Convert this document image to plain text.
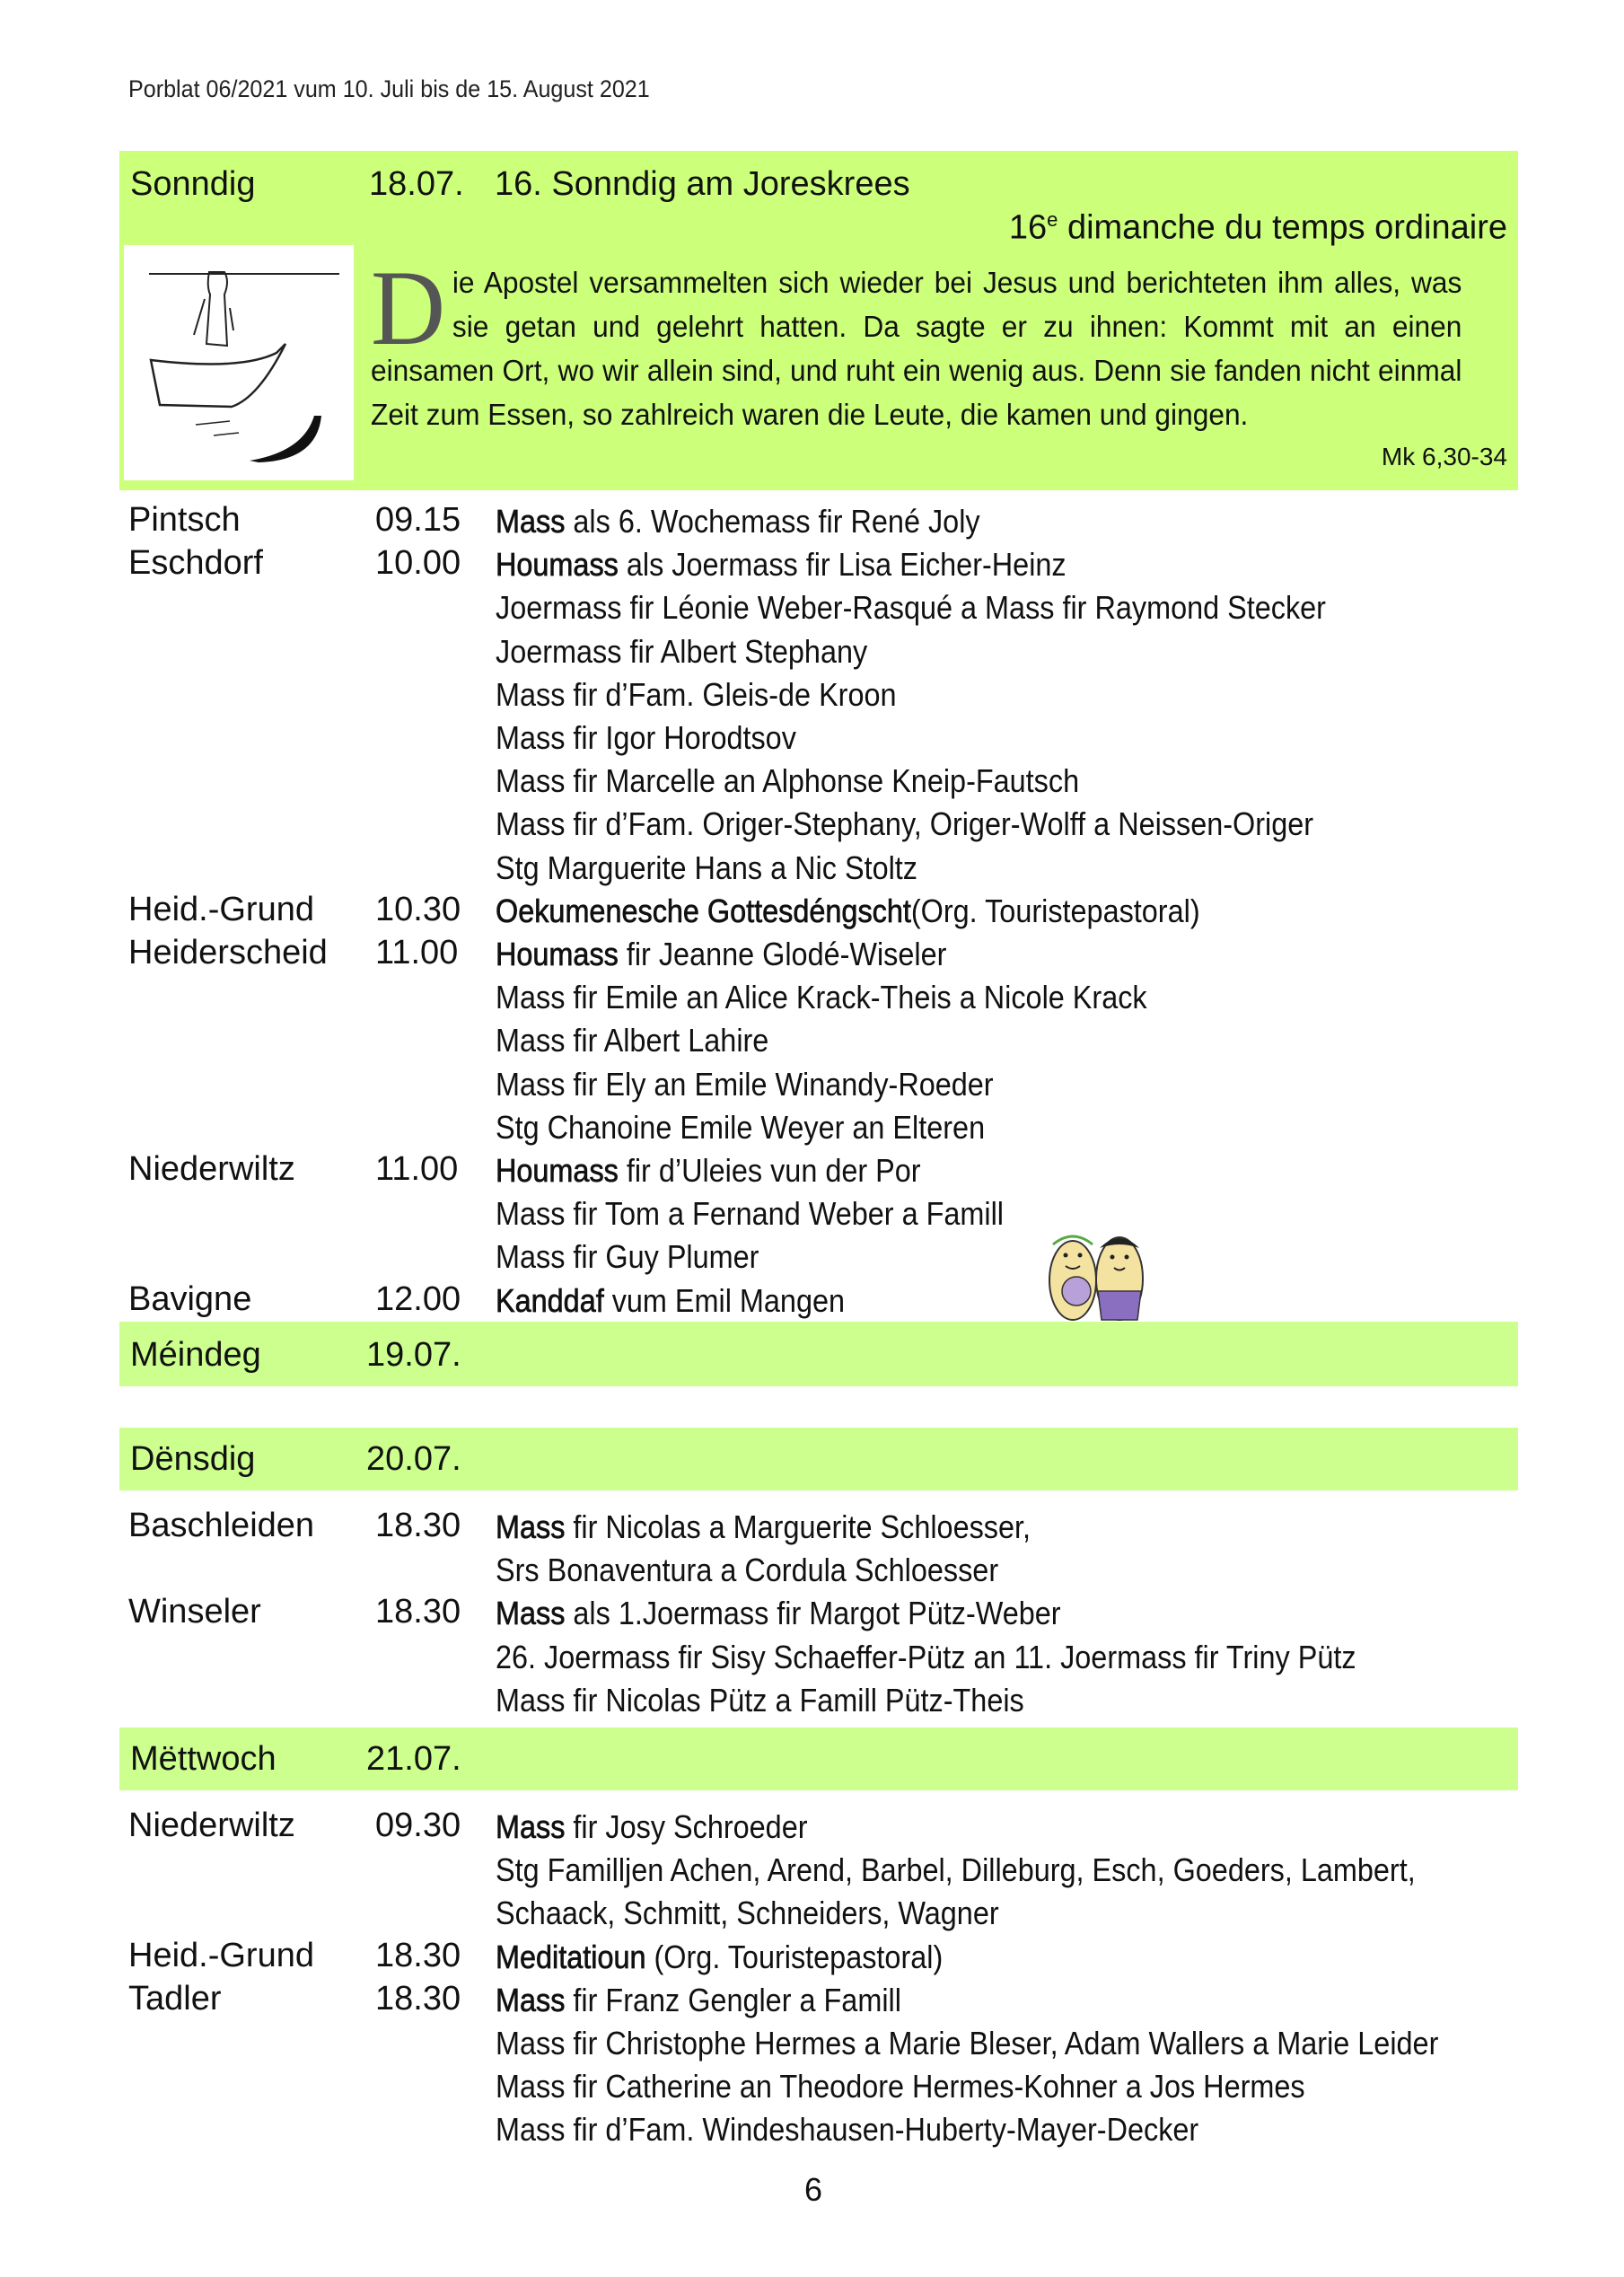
Porblat 06/2021 vum 10. Juli bis de 15. August 2021
Sonndig	18.07. 16. Sonndig am Joreskrees
16e dimanche du temps ordinaire
Die Apostel versammelten sich wieder bei Jesus und berichteten ihm alles, was sie getan und gelehrt hatten. Da sagte er zu ihnen: Kommt mit an einen einsamen Ort, wo wir allein sind, und ruht ein wenig aus. Denn sie fanden nicht einmal Zeit zum Essen, so zahlreich waren die Leute, die kamen und gingen.
Mk 6,30-34
Pintsch	09.15 Mass als 6. Wochemass fir René Joly
Eschdorf	10.00 Houmass als Joermass fir Lisa Eicher-Heinz
Joermass fir Léonie Weber-Rasqué a Mass fir Raymond Stecker
Joermass fir Albert Stephany
Mass fir d’Fam. Gleis-de Kroon
Mass fir Igor Horodtsov
Mass fir Marcelle an Alphonse Kneip-Fautsch
Mass fir d’Fam. Origer-Stephany, Origer-Wolff a Neissen-Origer
Stg Marguerite Hans a Nic Stoltz
Heid.-Grund 10.30 Oekumenesche Gottesdéngscht(Org. Touristepastoral)
Heiderscheid 11.00 Houmass fir Jeanne Glodé-Wiseler
Mass fir Emile an Alice Krack-Theis a Nicole Krack
Mass fir Albert Lahire
Mass fir Ely an Emile Winandy-Roeder
Stg Chanoine Emile Weyer an Elteren
Niederwiltz 11.00 Houmass fir d’Uleies vun der Por
Mass fir Tom a Fernand Weber a Famill
Mass fir Guy Plumer
Bavigne	12.00 Kanddaf vum Emil Mangen
Méindeg	19.07.
Dënsdig	20.07.
Baschleiden 18.30 Mass fir Nicolas a Marguerite Schloesser,
Srs Bonaventura a Cordula Schloesser
Winseler	18.30 Mass als 1.Joermass fir Margot Pütz-Weber
26. Joermass fir Sisy Schaeffer-Pütz an 11. Joermass fir Triny Pütz
Mass fir Nicolas Pütz a Famill Pütz-Theis
Mëttwoch	21.07.
Niederwiltz 09.30 Mass fir Josy Schroeder
Stg Familljen Achen, Arend, Barbel, Dilleburg, Esch, Goeders, Lambert,
Schaack, Schmitt, Schneiders, Wagner
Heid.-Grund 18.30 Meditatioun (Org. Touristepastoral)
Tadler	18.30 Mass fir Franz Gengler a Famill
Mass fir Christophe Hermes a Marie Bleser, Adam Wallers a Marie Leider
Mass fir Catherine an Theodore Hermes-Kohner a Jos Hermes
Mass fir d’Fam. Windeshausen-Huberty-Mayer-Decker
6
